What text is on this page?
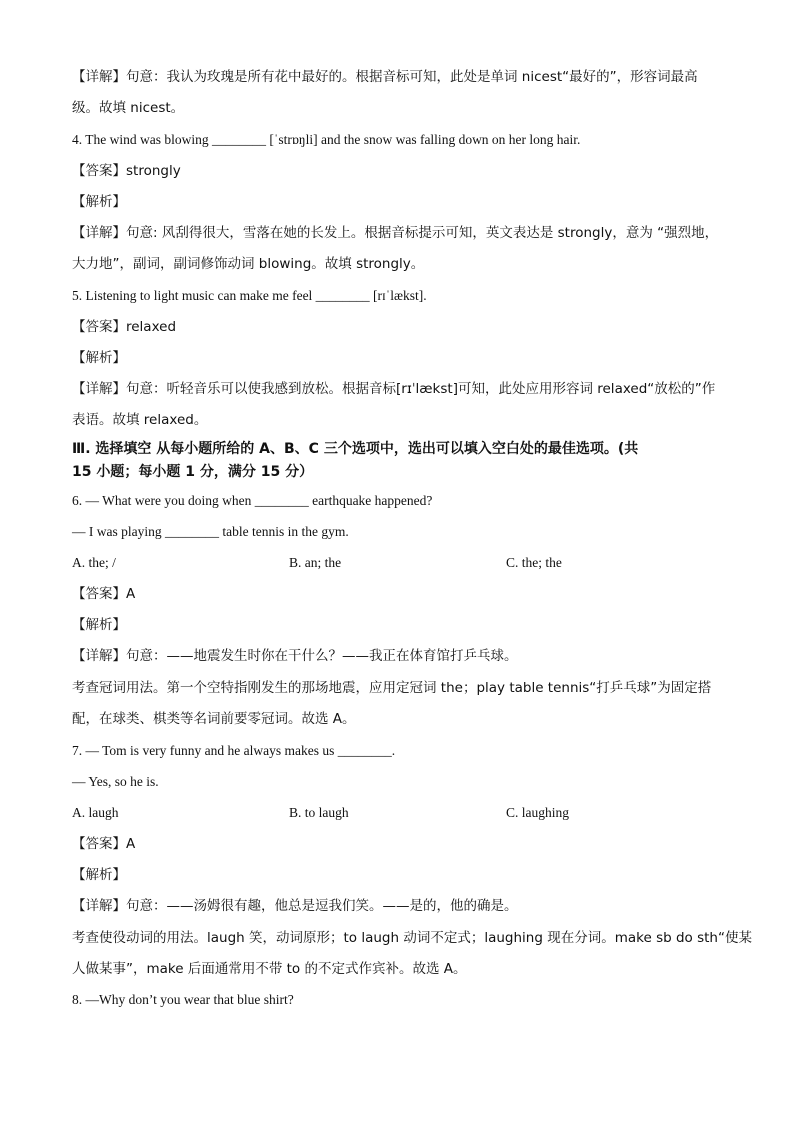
【详解】句意：我认为玫瑰是所有花中最好的。根据音标可知，此处是单词 nicest“最好的”，形容词最高
级。故填 nicest。
4. The wind was blowing ________ [ˈstrɒŋli] and the snow was falling down on her long hair.
【答案】strongly
【解析】
【详解】句意: 风刮得很大，雪落在她的长发上。根据音标提示可知，英文表达是 strongly，意为 “强烈地，
大力地”，副词，副词修饰动词 blowing。故填 strongly。
5. Listening to light music can make me feel ________ [rɪˈlækst].
【答案】relaxed
【解析】
【详解】句意：听轻音乐可以使我感到放松。根据音标[rɪˈlækst]可知，此处应用形容词 relaxed“放松的”作
表语。故填 relaxed。
Ⅲ. 选择填空 从每小题所给的 A、B、C 三个选项中，选出可以填入空白处的最佳选项。(共
15 小题；每小题 1 分，满分 15 分）
6. — What were you doing when ________ earthquake happened?
— I was playing ________ table tennis in the gym.
A. the; /	B. an; the	C. the; the
【答案】A
【解析】
【详解】句意：——地震发生时你在干什么？——我正在体育馆打乒乓球。
考查冠词用法。第一个空特指刚发生的那场地震，应用定冠词 the；play table tennis“打乒乓球”为固定搭
配，在球类、棋类等名词前要零冠词。故选 A。
7. — Tom is very funny and he always makes us ________.
— Yes, so he is.
A. laugh	B. to laugh	C. laughing
【答案】A
【解析】
【详解】句意：——汤姆很有趣，他总是逗我们笑。——是的，他的确是。
考查使役动词的用法。laugh 笑，动词原形；to laugh 动词不定式；laughing 现在分词。make sb do sth“使某
人做某事”，make 后面通常用不带 to 的不定式作宾补。故选 A。
8. —Why don’t you wear that blue shirt?
